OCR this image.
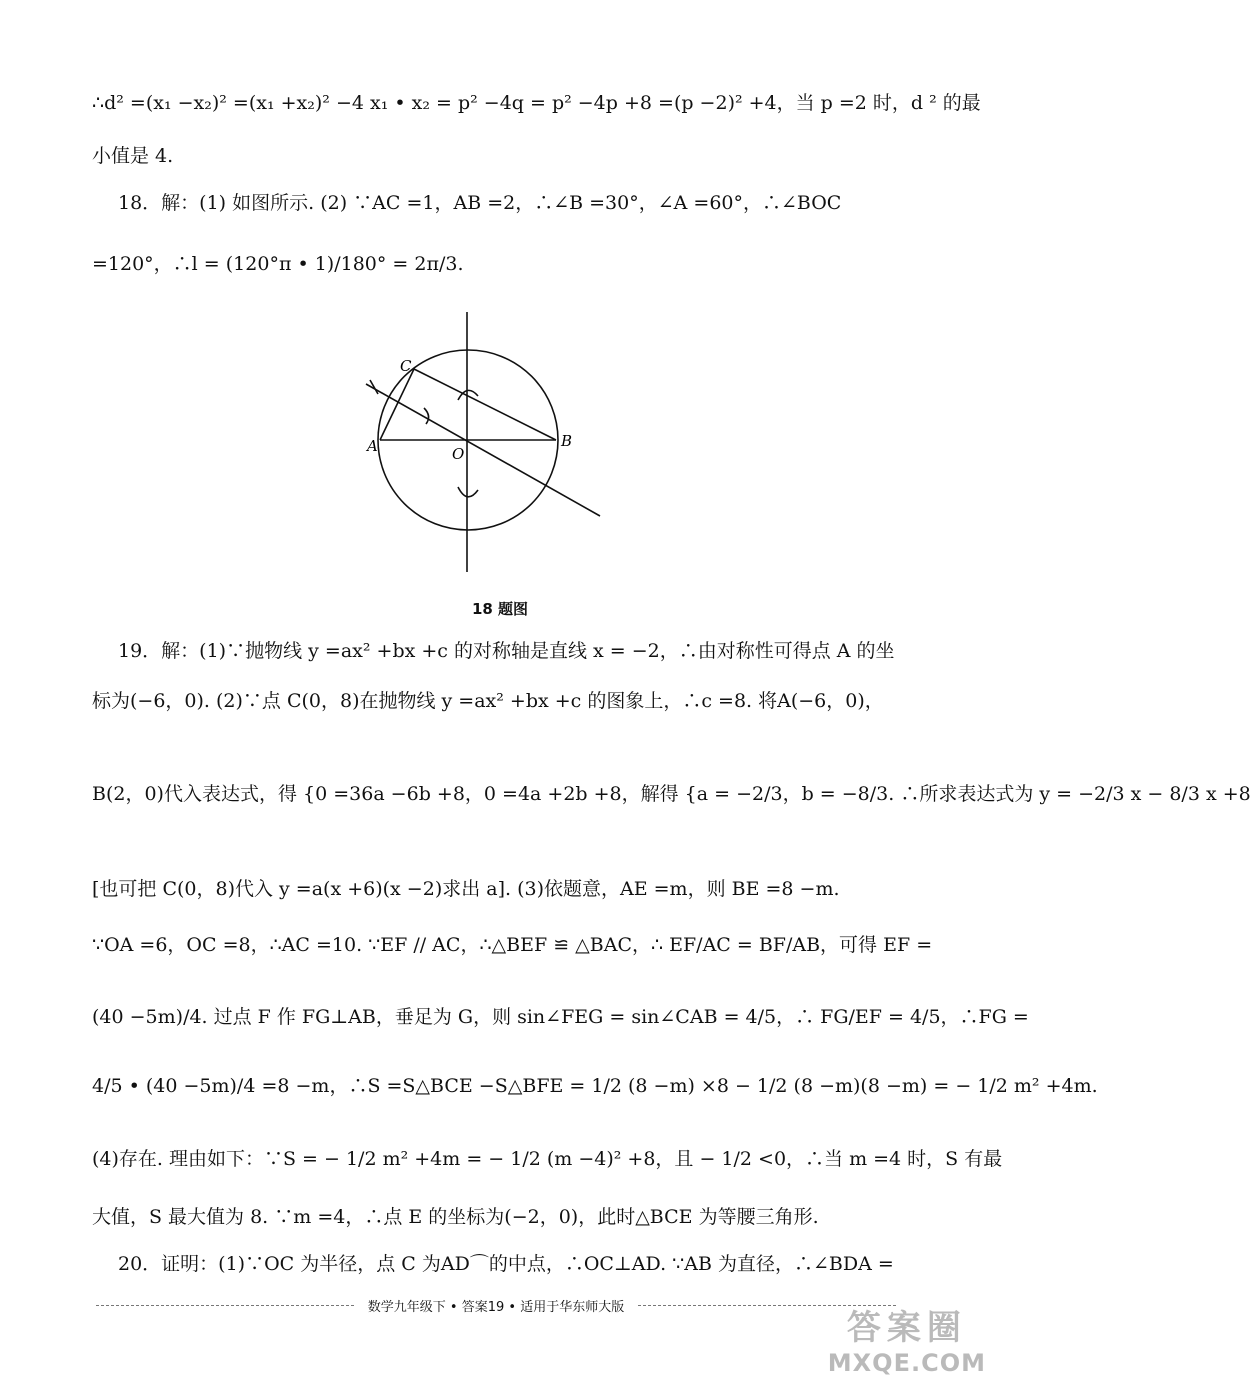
∴d² =(x₁ −x₂)² =(x₁ +x₂)² −4 x₁ • x₂ = p² −4q = p² −4p +8 =(p −2)² +4，当 p =2 时，d ² 的最
小值是 4.
18．解：(1) 如图所示. (2) ∵AC =1，AB =2，∴∠B =30°，∠A =60°，∴∠BOC
=120°，∴l = (120°π • 1)/180° = 2π/3.
C
A	B
O
18 题图
19．解：(1)∵抛物线 y =ax² +bx +c 的对称轴是直线 x = −2，∴由对称性可得点 A 的坐
标为(−6，0). (2)∵点 C(0，8)在抛物线 y =ax² +bx +c 的图象上，∴c =8. 将A(−6，0)，
B(2，0)代入表达式，得 {0 =36a −6b +8，0 =4a +2b +8，解得 {a = −2/3，b = −8/3. ∴所求表达式为 y = −2/3 x − 8/3 x +8
[也可把 C(0，8)代入 y =a(x +6)(x −2)求出 a]. (3)依题意，AE =m，则 BE =8 −m.
∵OA =6，OC =8，∴AC =10. ∵EF // AC，∴△BEF ≌ △BAC，∴ EF/AC = BF/AB，可得 EF =
(40 −5m)/4. 过点 F 作 FG⊥AB，垂足为 G，则 sin∠FEG = sin∠CAB = 4/5，∴ FG/EF = 4/5，∴FG =
4/5 • (40 −5m)/4 =8 −m，∴S =S△BCE −S△BFE = 1/2 (8 −m) ×8 − 1/2 (8 −m)(8 −m) = − 1/2 m² +4m.
(4)存在. 理由如下：∵S = − 1/2 m² +4m = − 1/2 (m −4)² +8，且 − 1/2 <0，∴当 m =4 时，S 有最
大值，S 最大值为 8. ∵m =4，∴点 E 的坐标为(−2，0)，此时△BCE 为等腰三角形.
20．证明：(1)∵OC 为半径，点 C 为AD⌒的中点，∴OC⊥AD. ∵AB 为直径，∴∠BDA =
数学九年级下 • 答案19 • 适用于华东师大版
答案圈
MXQE.COM
